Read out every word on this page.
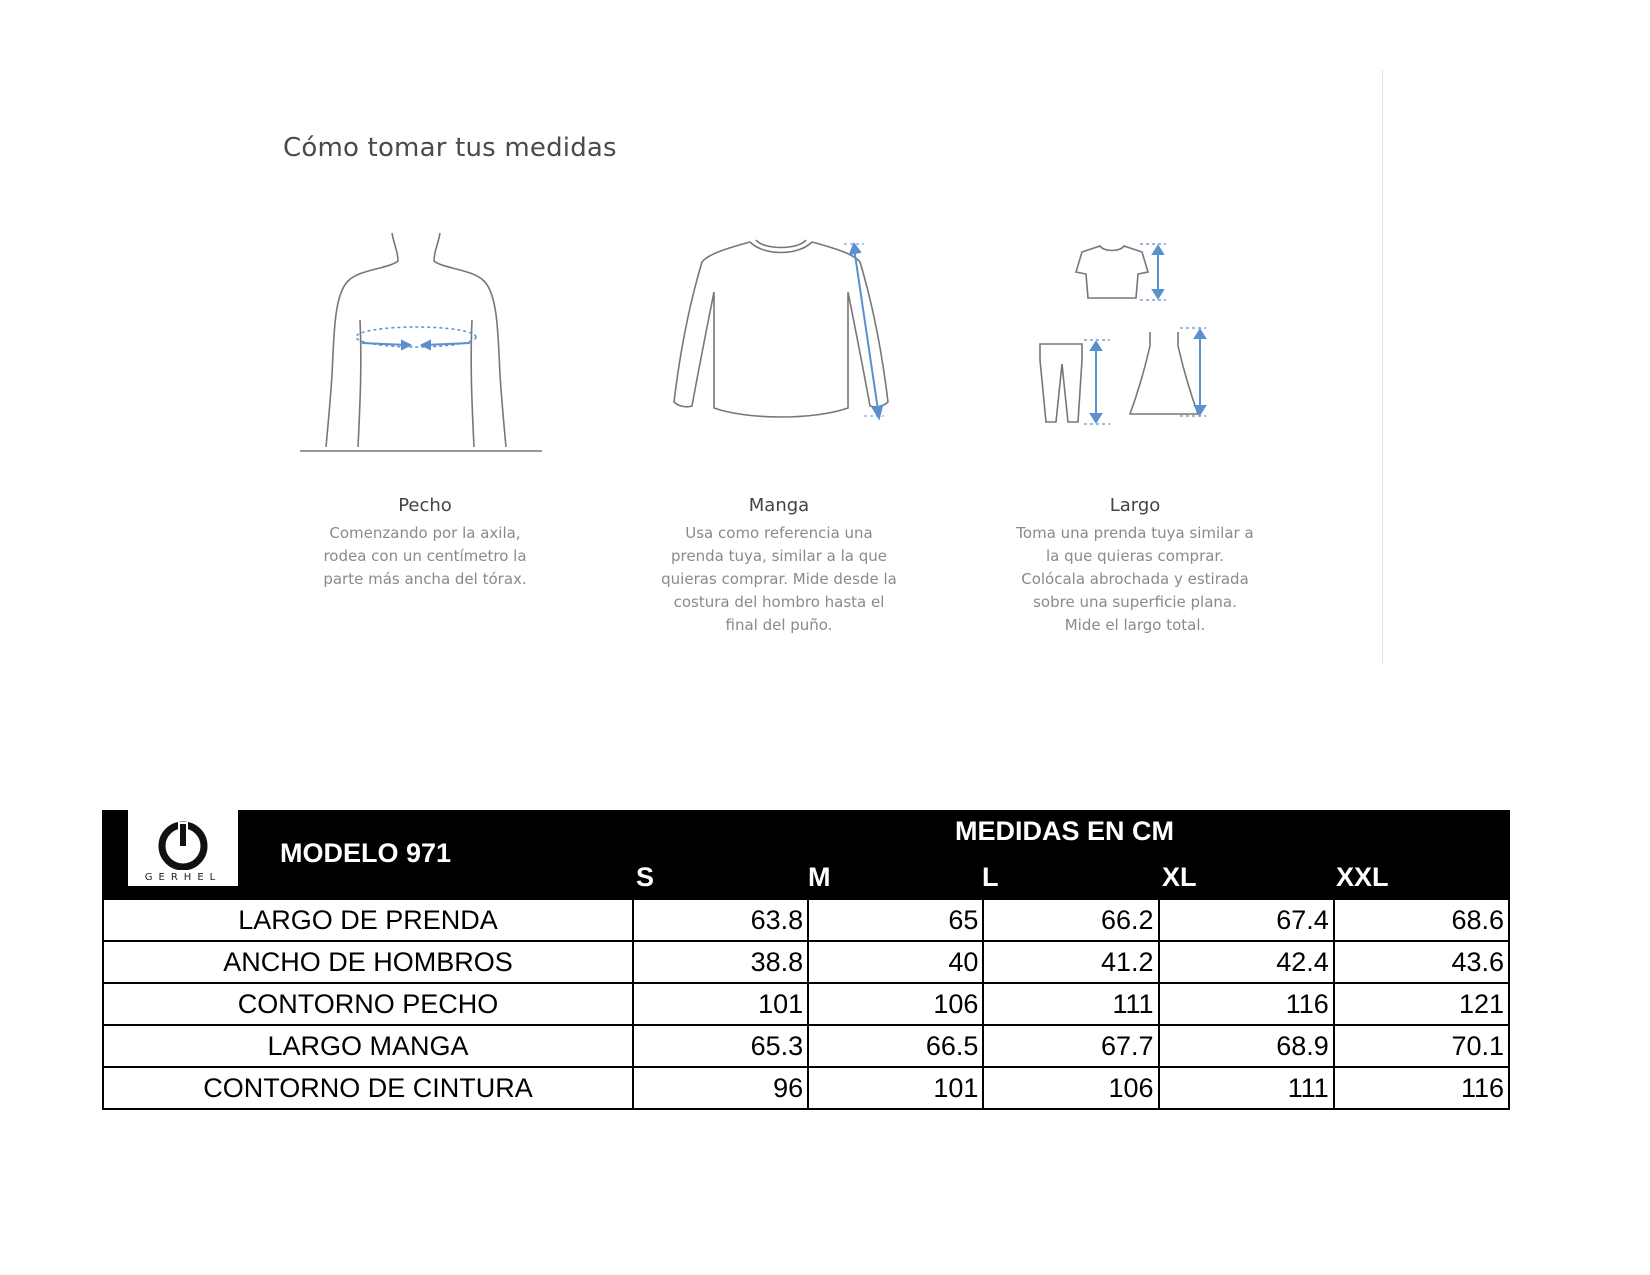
Cómo tomar tus medidas
Pecho
Comenzando por la axila,
rodea con un centímetro la
parte más ancha del tórax.
Manga
Usa como referencia una
prenda tuya, similar a la que
quieras comprar. Mide desde la
costura del hombro hasta el
final del puño.
Largo
Toma una prenda tuya similar a
la que quieras comprar.
Colócala abrochada y estirada
sobre una superficie plana.
Mide el largo total.
GERHEL
MODELO 971
MEDIDAS EN CM
S	M	L	XL	XXL
LARGO DE PRENDA	63.8	65	66.2	67.4	68.6
ANCHO DE HOMBROS	38.8	40	41.2	42.4	43.6
CONTORNO PECHO	101	106	111	116	121
LARGO MANGA	65.3	66.5	67.7	68.9	70.1
CONTORNO DE CINTURA	96	101	106	111	116
